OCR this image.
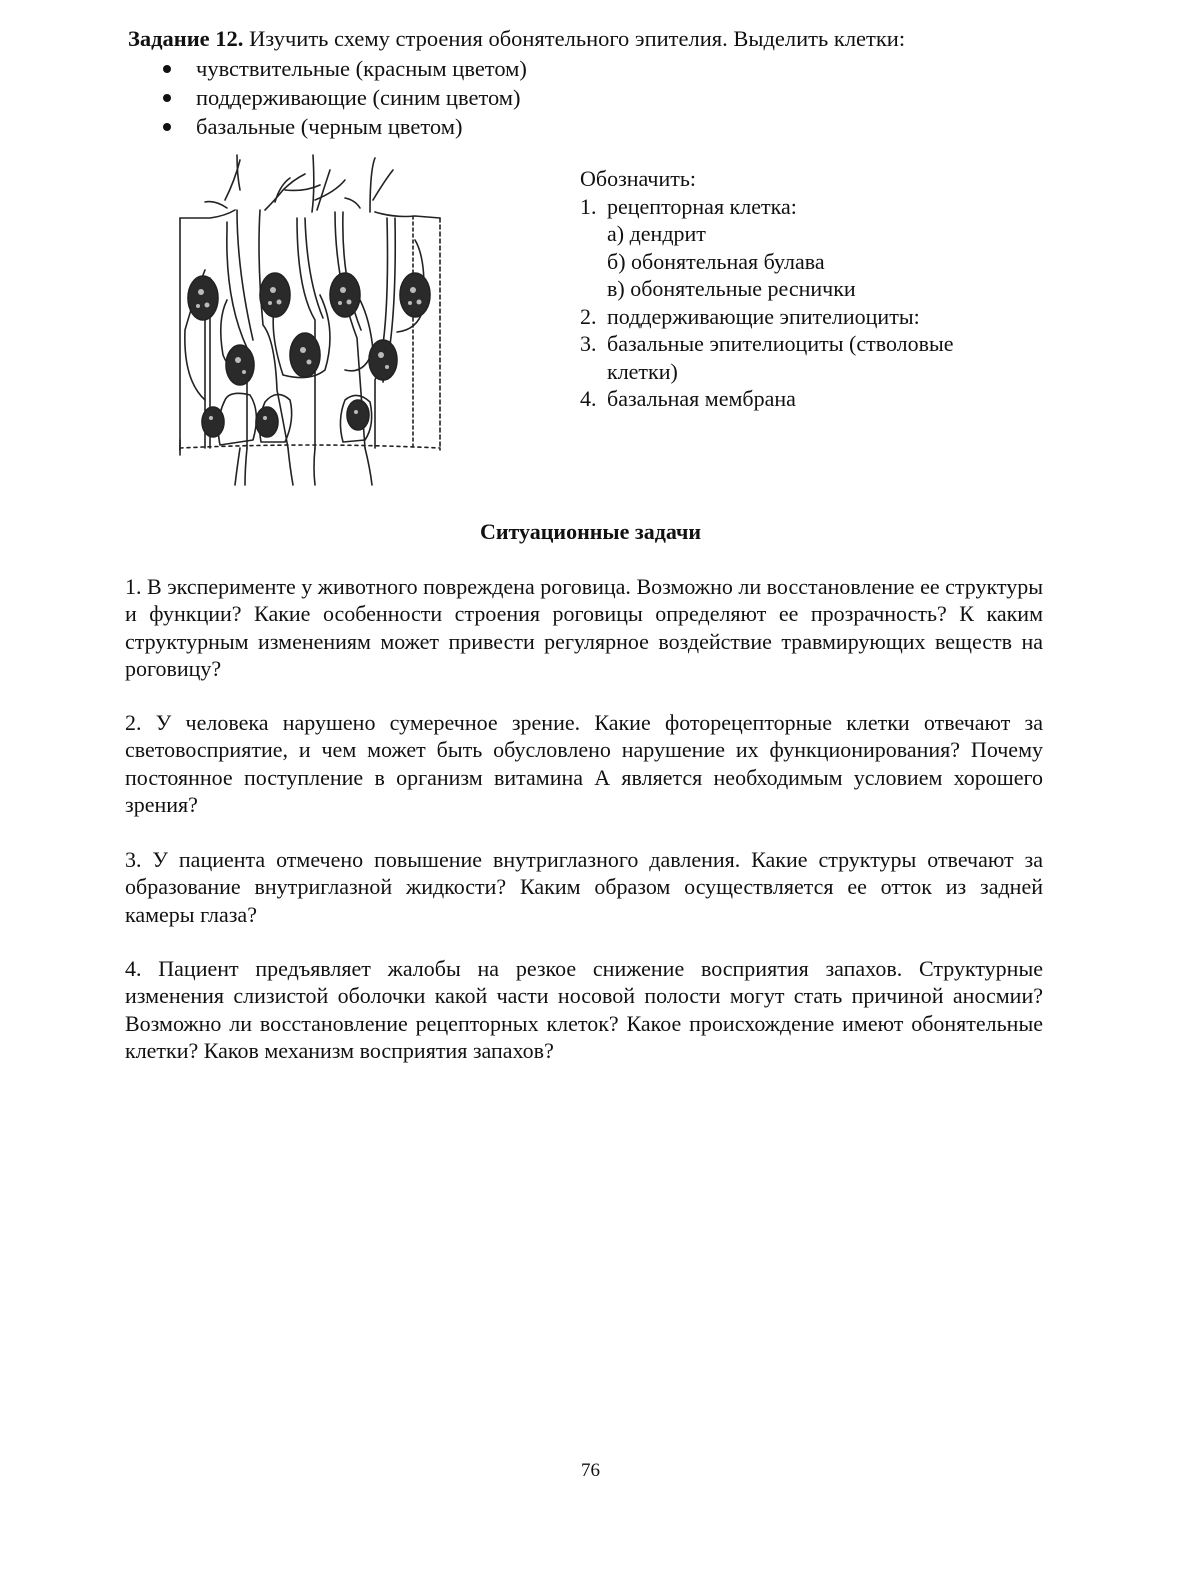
Задание 12. Изучить схему строения обонятельного эпителия. Выделить клетки:
чувствительные (красным цветом)
поддерживающие (синим цветом)
базальные (черным цветом)
Обозначить:
1. рецепторная клетка:
а) дендрит
б) обонятельная булава
в) обонятельные реснички
2. поддерживающие эпителиоциты:
3. базальные эпителиоциты (стволовые
клетки)
4. базальная мембрана
Ситуационные задачи

1. В эксперименте у животного повреждена роговица. Возможно ли восстановление ее структуры и функции? Какие особенности строения роговицы определяют ее прозрачность? К каким структурным изменениям может привести регулярное воздействие травмирующих веществ на роговицу?

2. У человека нарушено сумеречное зрение. Какие фоторецепторные клетки отвечают за световосприятие, и чем может быть обусловлено нарушение их функционирования? Почему постоянное поступление в организм витамина А является необходимым условием хорошего зрения?

3. У пациента отмечено повышение внутриглазного давления. Какие структуры отвечают за образование внутриглазной жидкости? Каким образом осуществляется ее отток из задней камеры глаза?

4. Пациент предъявляет жалобы на резкое снижение восприятия запахов. Структурные изменения слизистой оболочки какой части носовой полости могут стать причиной аносмии? Возможно ли восстановление рецепторных клеток? Какое происхождение имеют обонятельные клетки? Каков механизм восприятия запахов?

76
